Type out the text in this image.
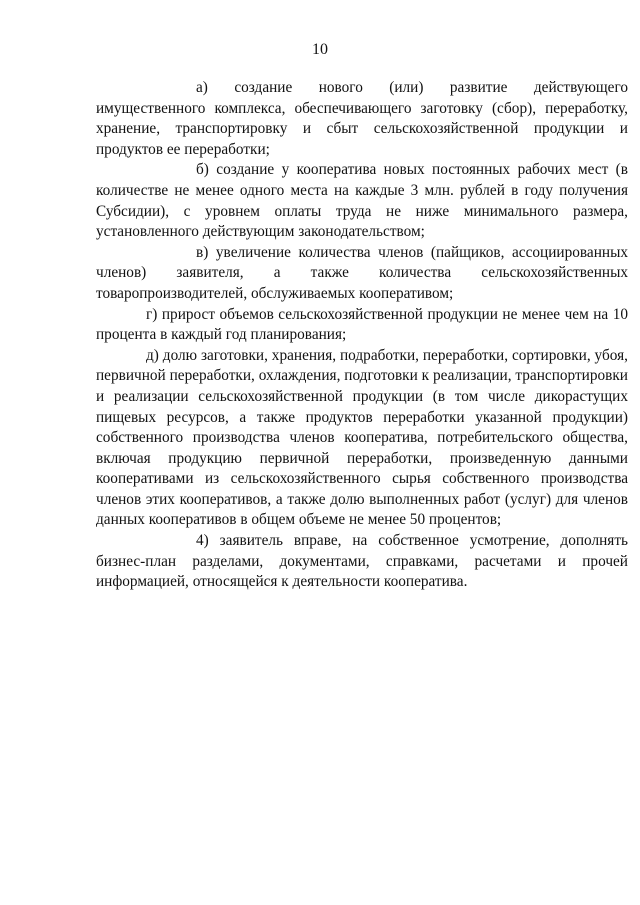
10

а) создание нового (или) развитие действующего имущественного комплекса, обеспечивающего заготовку (сбор), переработку, хранение, транспортировку и сбыт сельскохозяйственной продукции и продуктов ее переработки;

б) создание у кооператива новых постоянных рабочих мест (в количестве не менее одного места на каждые 3 млн. рублей в году получения Субсидии), с уровнем оплаты труда не ниже минимального размера, установленного действующим законодательством;

в) увеличение количества членов (пайщиков, ассоциированных членов) заявителя, а также количества сельскохозяйственных товаропроизводителей, обслуживаемых кооперативом;

г) прирост объемов сельскохозяйственной продукции не менее чем на 10 процента в каждый год планирования;

д) долю заготовки, хранения, подработки, переработки, сортировки, убоя, первичной переработки, охлаждения, подготовки к реализации, транспортировки и реализации сельскохозяйственной продукции (в том числе дикорастущих пищевых ресурсов, а также продуктов переработки указанной продукции) собственного производства членов кооператива, потребительского общества, включая продукцию первичной переработки, произведенную данными кооперативами из сельскохозяйственного сырья собственного производства членов этих кооперативов, а также долю выполненных работ (услуг) для членов данных кооперативов в общем объеме не менее 50 процентов;

4) заявитель вправе, на собственное усмотрение, дополнять бизнес-план разделами, документами, справками, расчетами и прочей информацией, относящейся к деятельности кооператива.
